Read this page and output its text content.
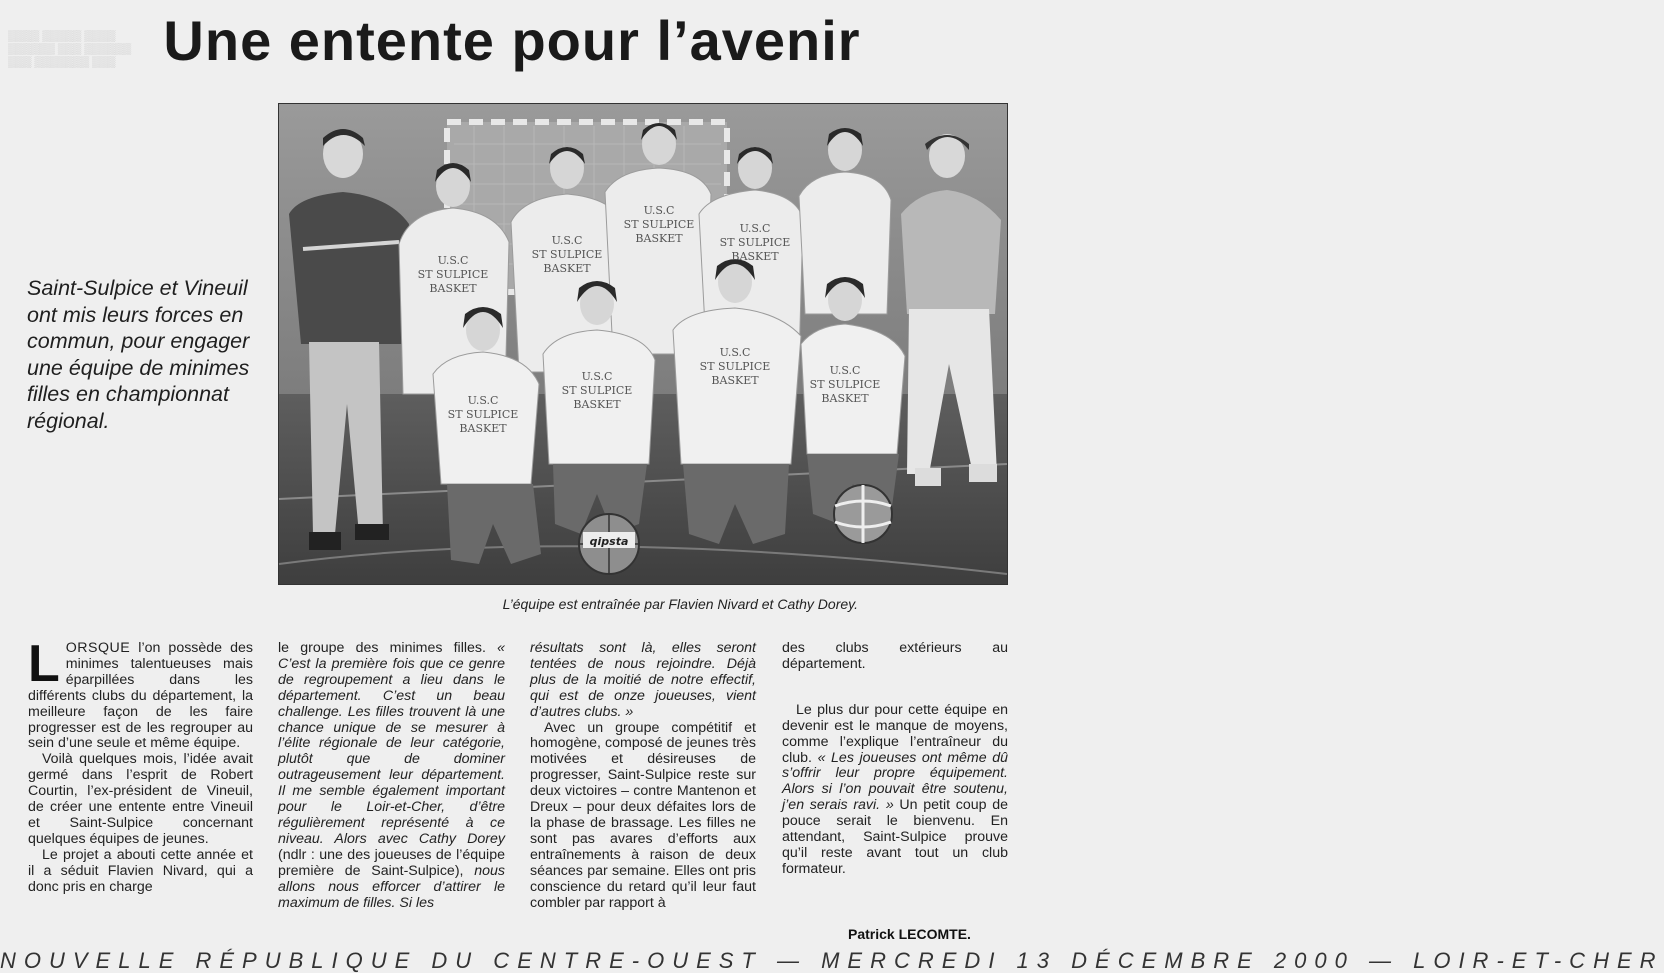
▒▒▒▒ ▒▒▒▒▒ ▒▒▒▒
▒▒▒▒▒▒ ▒▒▒ ▒▒▒▒▒▒
▒▒▒ ▒▒▒▒▒▒▒ ▒▒▒ Une entente pour l’avenir
Saint-Sulpice et Vineuil ont mis leurs forces en commun, pour engager une équipe de minimes filles en championnat régional.
U.S.C
ST SULPICE
BASKET
U.S.C
ST SULPICE
BASKET
U.S.C
ST SULPICE
BASKET
U.S.C
ST SULPICE
BASKET
U.S.C
ST SULPICE
BASKET
U.S.C
ST SULPICE
BASKET
U.S.C
ST SULPICE
BASKET
U.S.C
ST SULPICE
BASKET
qipsta
L’équipe est entraînée par Flavien Nivard et Cathy Dorey.

LORSQUE l’on possède des minimes talentueuses mais éparpillées dans les différents clubs du département, la meilleure façon de les faire progresser est de les regrouper au sein d’une seule et même équipe.

Voilà quelques mois, l’idée avait germé dans l’esprit de Robert Courtin, l’ex-président de Vineuil, de créer une entente entre Vineuil et Saint-Sulpice concernant quelques équipes de jeunes.

Le projet a abouti cette année et il a séduit Flavien Nivard, qui a donc pris en charge

le groupe des minimes filles. « C’est la première fois que ce genre de regroupement a lieu dans le département. C’est un beau challenge. Les filles trouvent là une chance unique de se mesurer à l’élite régionale de leur catégorie, plutôt que de dominer outrageusement leur département. Il me semble également important pour le Loir-et-Cher, d’être régulièrement représenté à ce niveau. Alors avec Cathy Dorey (ndlr : une des joueuses de l’équipe première de Saint-Sulpice), nous allons nous efforcer d’attirer le maximum de filles. Si les

résultats sont là, elles seront tentées de nous rejoindre. Déjà plus de la moitié de notre effectif, qui est de onze joueuses, vient d’autres clubs. »

Avec un groupe compétitif et homogène, composé de jeunes très motivées et désireuses de progresser, Saint-Sulpice reste sur deux victoires – contre Mantenon et Dreux – pour deux défaites lors de la phase de brassage. Les filles ne sont pas avares d’efforts aux entraînements à raison de deux séances par semaine. Elles ont pris conscience du retard qu’il leur faut combler par rapport à

des clubs extérieurs au département.

Le plus dur pour cette équipe en devenir est le manque de moyens, comme l’explique l’entraîneur du club. « Les joueuses ont même dû s’offrir leur propre équipement. Alors si l’on pouvait être soutenu, j’en serais ravi. » Un petit coup de pouce serait le bienvenu. En attendant, Saint-Sulpice prouve qu’il reste avant tout un club formateur.

Patrick LECOMTE.
NOUVELLE RÉPUBLIQUE DU CENTRE-OUEST — MERCREDI 13 DÉCEMBRE 2000 — LOIR-ET-CHER
